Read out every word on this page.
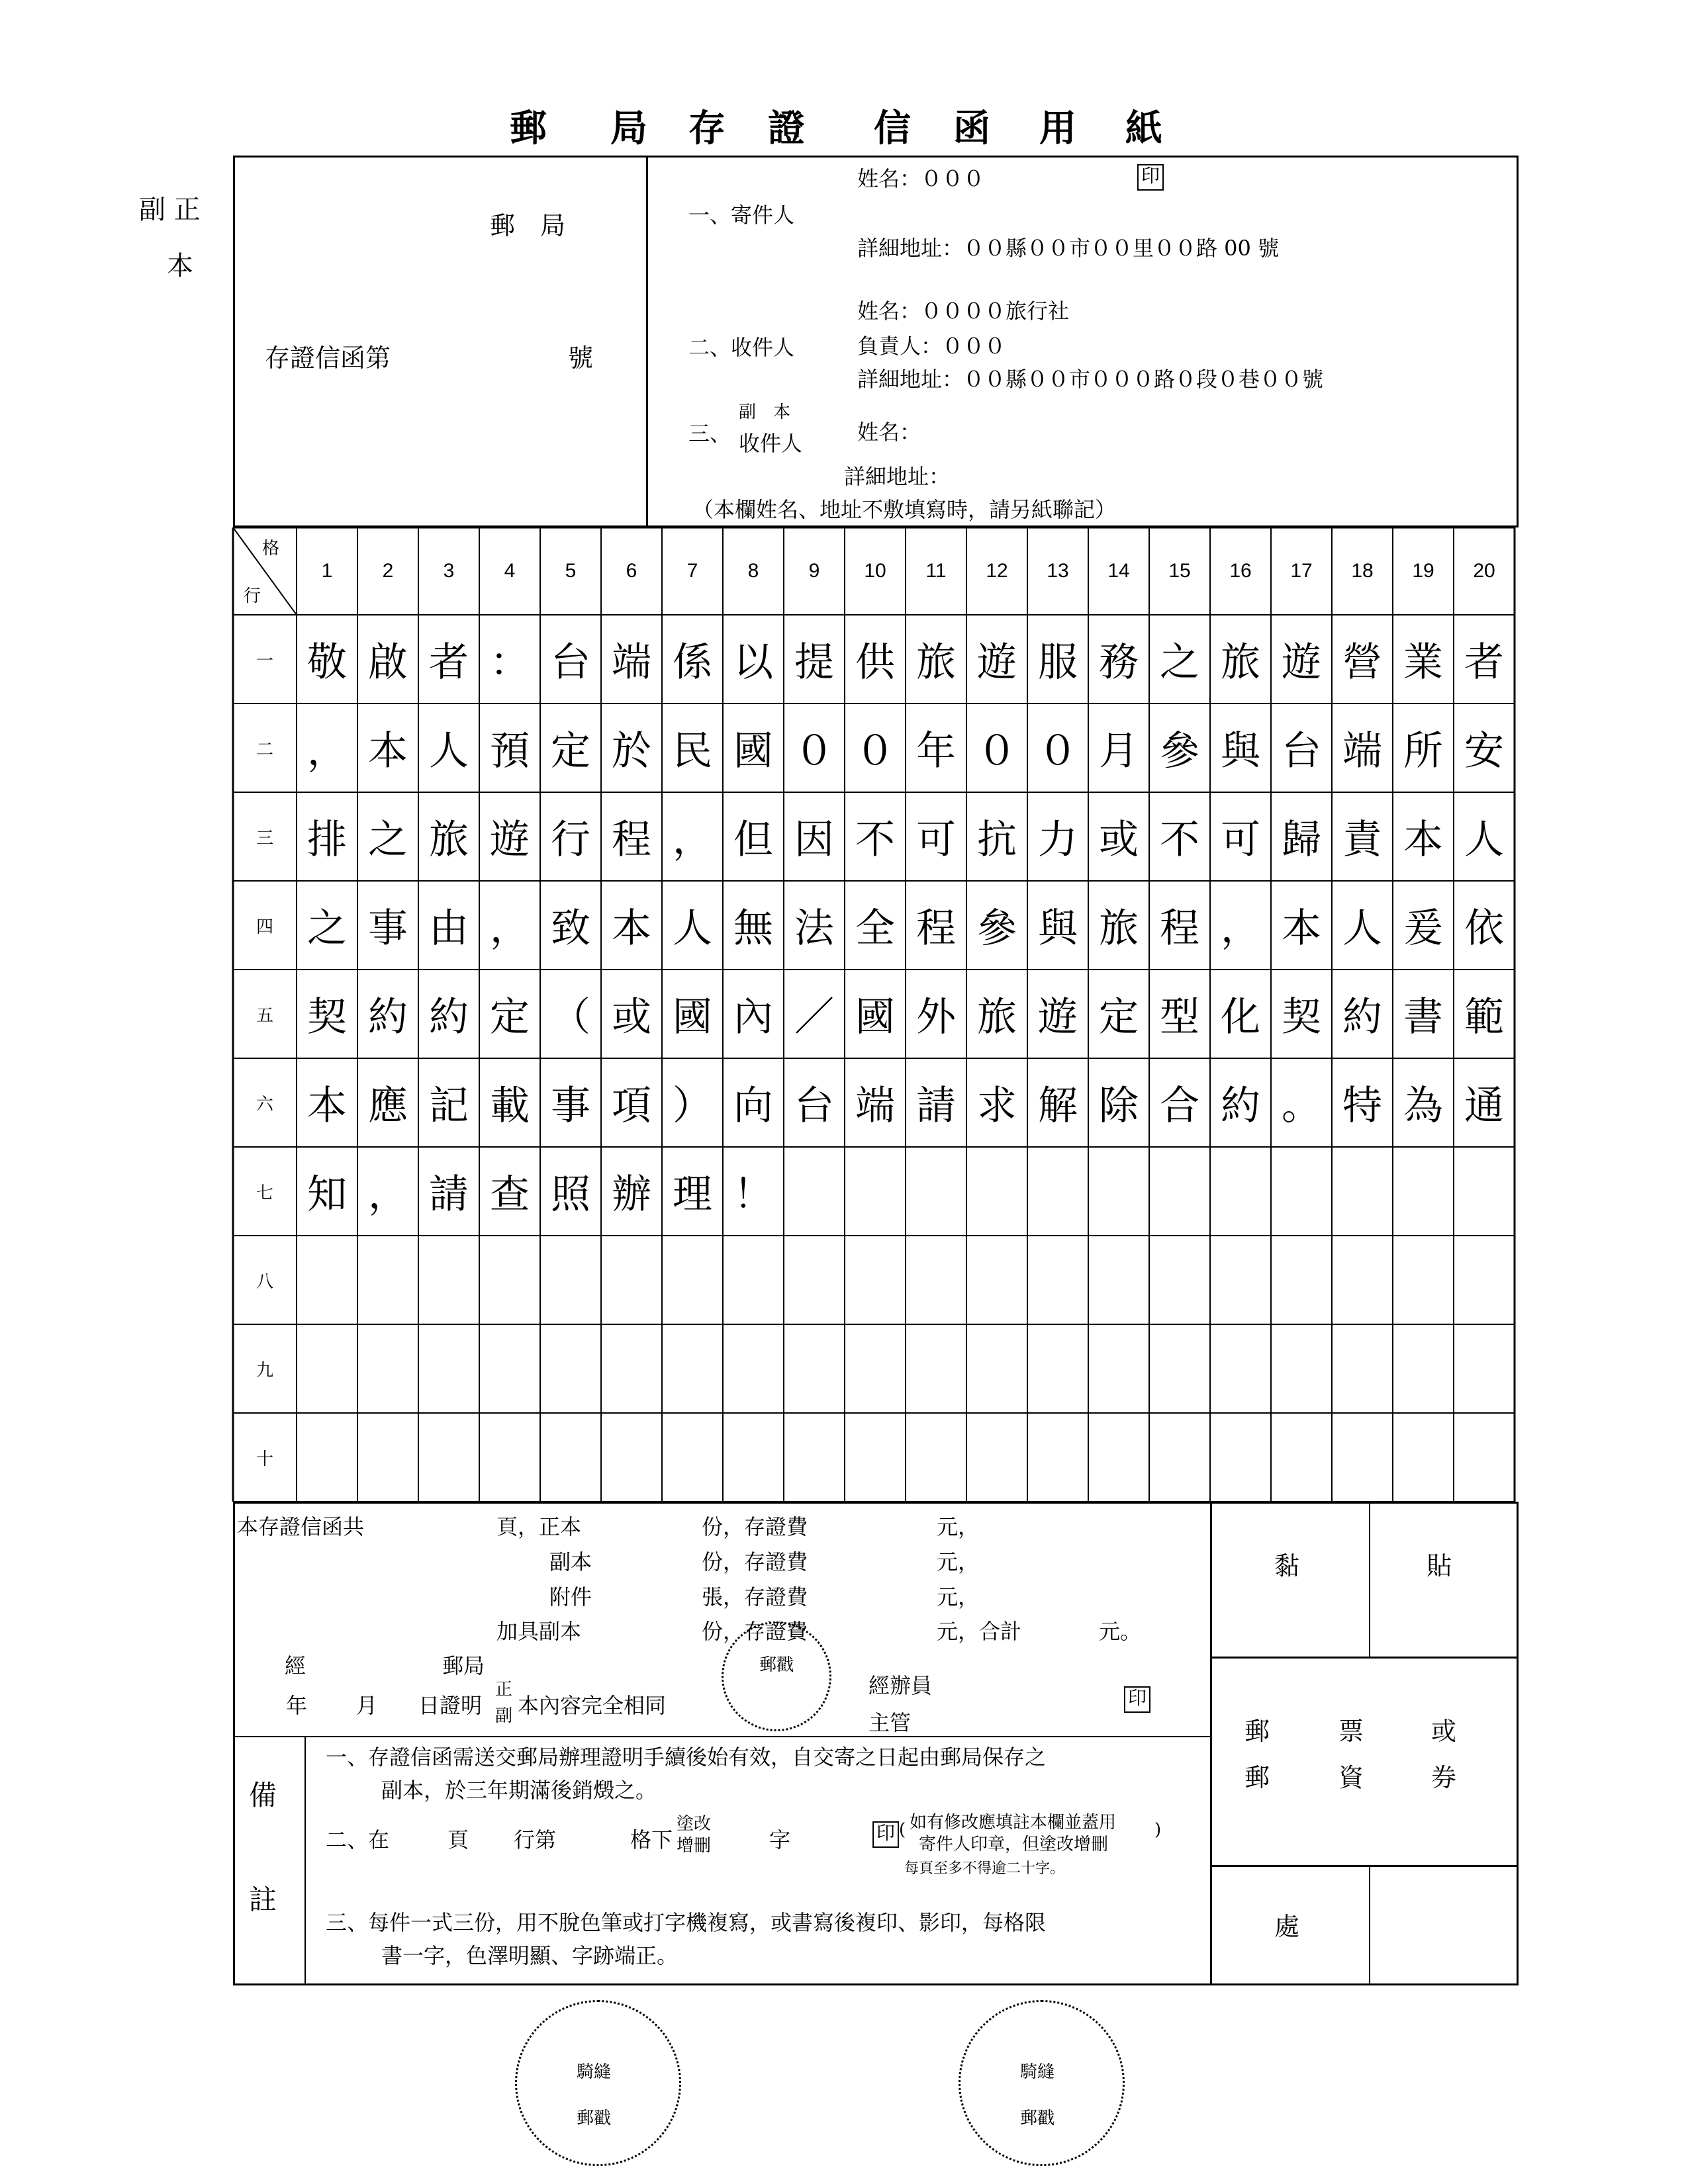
郵 局 存 證 信 函 用 紙
副 正
本
郵　局
存證信函第	號
一、寄件人
姓名：０００	印
詳細地址：００縣００市００里００路 00 號
姓名：００００旅行社
二、收件人	負責人：０００
詳細地址：００縣００市０００路０段０巷００號
副　本
三、 收件人	姓名：
詳細地址：
（本欄姓名、地址不敷填寫時，請另紙聯記）
格
行
1	2	3	4	5	6	7	8	9	10	11	12	13	14	15	16	17	18	19	20
一
二
三
四
五
六
七
八
九
十
本存證信函共	頁，正本	份，存證費	元，
副本	份，存證費	元，
附件	張，存證費	元，
加具副本	份，存證費	元，合計	元。
經	郵局
年 月 日證明
正
副 本內容完全相同
郵戳
經辦員
主管
印
黏	貼
郵	票	或
郵	資	券
處
備
註
一、存證信函需送交郵局辦理證明手續後始有效，自交寄之日起由郵局保存之
副本，於三年期滿後銷燬之。
二、在	頁 行第	格下
塗改
增刪	字	印 ( 如有修改應填註本欄並蓋用
寄件人印章，但塗改增刪
)
每頁至多不得逾二十字。
三、每件一式三份，用不脫色筆或打字機複寫，或書寫後複印、影印，每格限
書一字，色澤明顯、字跡端正。
騎縫
郵戳
騎縫
郵戳
敬 啟 者 ： 台 端 係 以 提 供 旅 遊 服 務 之 旅 遊 營 業 者
， 本 人 預 定 於 民 國 ０ ０ 年 ０ ０ 月 參 與 台 端 所 安
排 之 旅 遊 行 程 ， 但 因 不 可 抗 力 或 不 可 歸 責 本 人
之 事 由 ， 致 本 人 無 法 全 程 參 與 旅 程 ， 本 人 爰 依
契 約 約 定 （ 或 國 內 ／ 國 外 旅 遊 定 型 化 契 約 書 範
本 應 記 載 事 項 ） 向 台 端 請 求 解 除 合 約 。 特 為 通
知 ， 請 查 照 辦 理 ！
